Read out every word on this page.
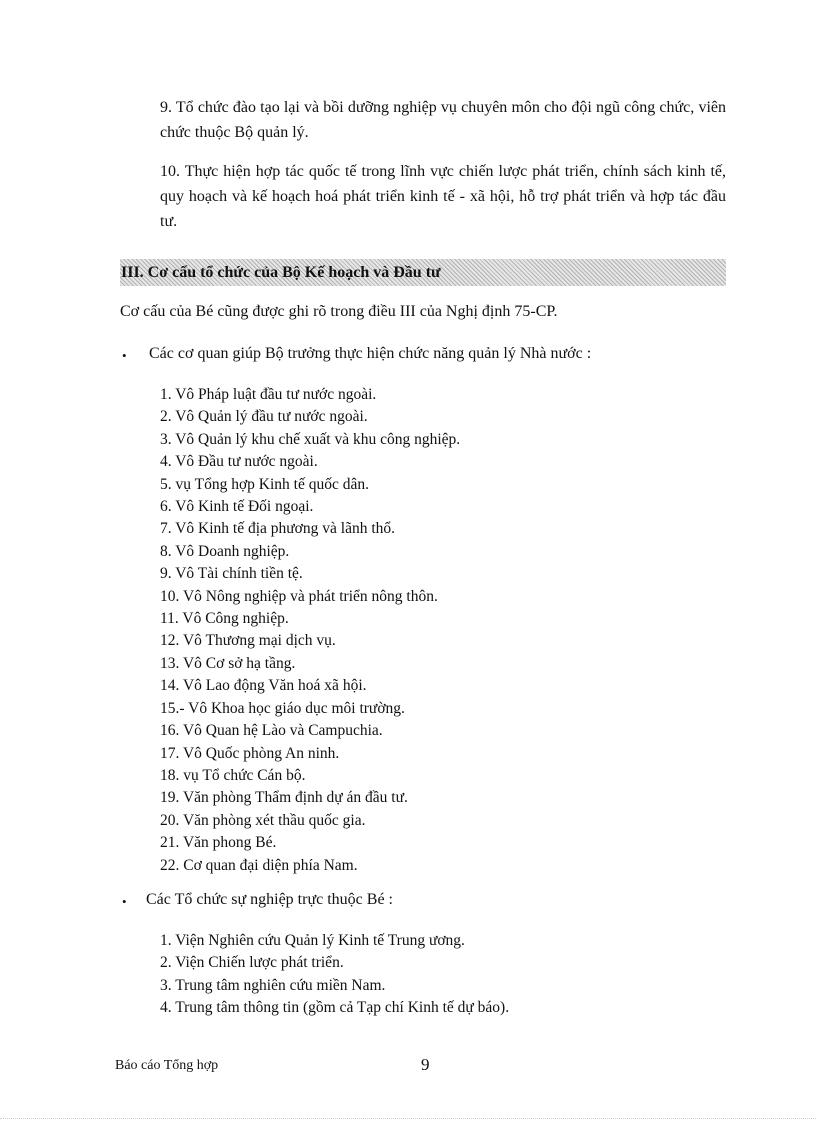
9. Tổ chức đào tạo lại và bồi dưỡng nghiệp vụ chuyên môn cho đội ngũ công chức, viên chức thuộc Bộ quản lý.
10. Thực hiện hợp tác quốc tế trong lĩnh vực chiến lược phát triển, chính sách kinh tế, quy hoạch và kế hoạch hoá phát triển kinh tế - xã hội, hỗ trợ phát triển và hợp tác đầu tư.
III. Cơ cấu tổ chức của Bộ Kế hoạch và Đầu tư
Cơ cấu của Bé cũng được ghi rõ trong điều III của Nghị định 75-CP.
• Các cơ quan giúp Bộ trưởng thực hiện chức năng quản lý Nhà nước :
1. Vô Pháp luật đầu tư nước ngoài.
2. Vô Quản lý đầu tư nước ngoài.
3. Vô Quản lý khu chế xuất và khu công nghiệp.
4. Vô Đầu tư nước ngoài.
5. vụ Tổng hợp Kinh tế quốc dân.
6. Vô Kinh tế Đối ngoại.
7. Vô Kinh tế địa phương và lãnh thổ.
8. Vô Doanh nghiệp.
9. Vô Tài chính tiền tệ.
10. Vô Nông nghiệp và phát triển nông thôn.
11. Vô Công nghiệp.
12. Vô Thương mại dịch vụ.
13. Vô Cơ sở hạ tầng.
14. Vô Lao động Văn hoá xã hội.
15.- Vô Khoa học giáo dục môi trường.
16. Vô Quan hệ Lào và Campuchia.
17. Vô Quốc phòng An ninh.
18. vụ Tổ chức Cán bộ.
19. Văn phòng Thẩm định dự án đầu tư.
20. Văn phòng xét thầu quốc gia.
21. Văn phong Bé.
22. Cơ quan đại diện phía Nam.
• Các Tổ chức sự nghiệp trực thuộc Bé :
1. Viện Nghiên cứu Quản lý Kinh tế Trung ương.
2. Viện Chiến lược phát triển.
3. Trung tâm nghiên cứu miền Nam.
4. Trung tâm thông tin (gồm cả Tạp chí Kinh tế dự báo).
Báo cáo Tổng hợp	9
